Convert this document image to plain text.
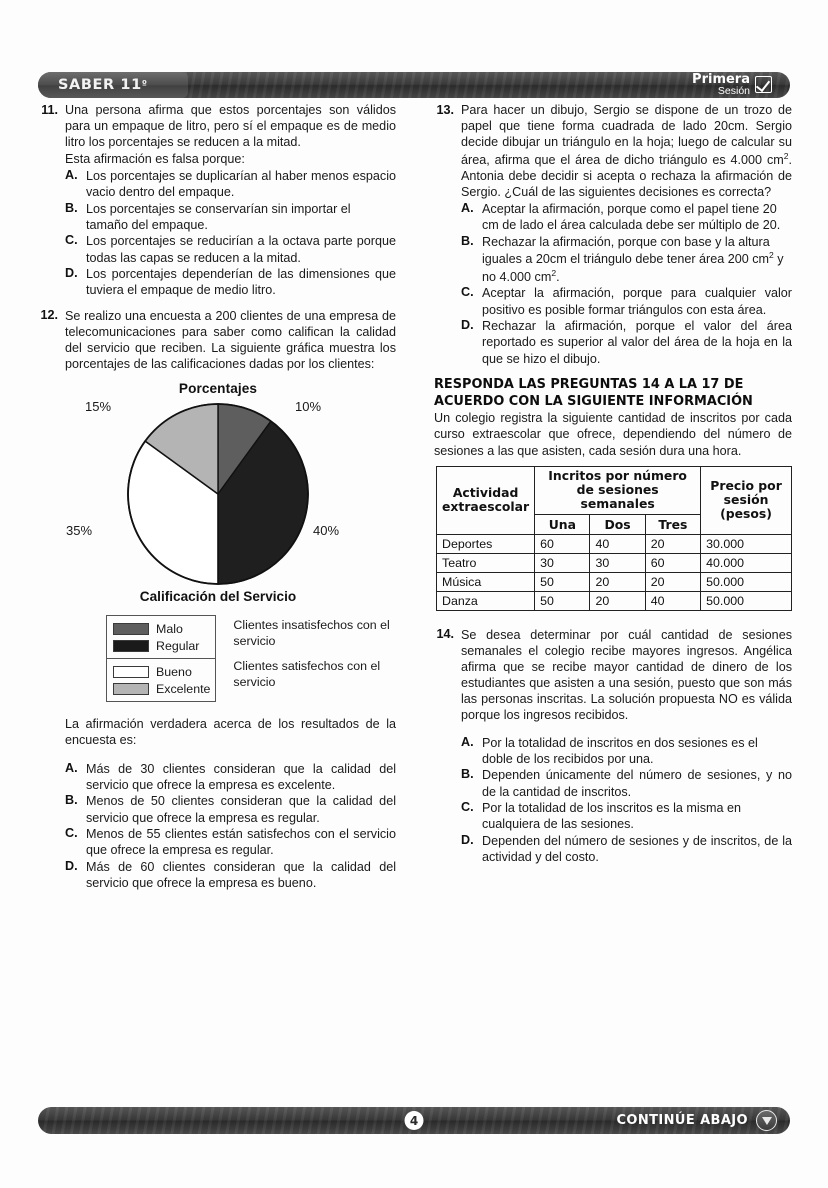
SABER 11 º	Primera
Sesión
11. Una persona afirma que estos porcentajes son válidos para un empaque de litro, pero sí el empaque es de medio litro los porcentajes se reducen a la mitad.
Esta afirmación es falsa porque:
A. Los porcentajes se duplicarían al haber menos espacio vacio dentro del empaque.
B. Los porcentajes se conservarían sin importar el tamaño del empaque.
C. Los porcentajes se reducirían a la octava parte porque todas las capas se reducen a la mitad.
D. Los porcentajes dependerían de las dimensiones que tuviera el empaque de medio litro.
12. Se realizo una encuesta a 200 clientes de una empresa de telecomunicaciones para saber como califican la calidad del servicio que reciben. La siguiente gráfica muestra los porcentajes de las calificaciones dadas por los clientes:
Porcentajes
10%
40%
35%
15%
Calificación del Servicio
Malo
Regular
Bueno
Excelente
Clientes insatisfechos con el servicio
Clientes satisfechos con el servicio
La afirmación verdadera acerca de los resultados de la encuesta es:
A. Más de 30 clientes consideran que la calidad del servicio que ofrece la empresa es excelente.
B. Menos de 50 clientes consideran que la calidad del servicio que ofrece la empresa es regular.
C. Menos de 55 clientes están satisfechos con el servicio que ofrece la empresa es regular.
D. Más de 60 clientes consideran que la calidad del servicio que ofrece la empresa es bueno.
13. Para hacer un dibujo, Sergio se dispone de un trozo de papel que tiene forma cuadrada de lado 20cm. Sergio decide dibujar un triángulo en la hoja; luego de calcular su área, afirma que el área de dicho triángulo es 4.000 $cm^2$. Antonia debe decidir si acepta o rechaza la afirmación de Sergio. ¿Cuál de las siguientes decisiones es correcta?
A. Aceptar la afirmación, porque como el papel tiene 20 cm de lado el área calculada debe ser múltiplo de 20.
B. Rechazar la afirmación, porque con base y la altura iguales a 20cm el triángulo debe tener área 200 $cm^2$ y no 4.000 $cm^2$.
C. Aceptar la afirmación, porque para cualquier valor positivo es posible formar triángulos con esta área.
D. Rechazar la afirmación, porque el valor del área reportado es superior al valor del área de la hoja en la que se hizo el dibujo.
RESPONDA LAS PREGUNTAS 14 A LA 17 DE
ACUERDO CON LA SIGUIENTE INFORMACIÓN
Un colegio registra la siguiente cantidad de inscritos por cada curso extraescolar que ofrece, dependiendo del número de sesiones a las que asisten, cada sesión dura una hora.
Actividad extraescolar	Incritos por número de sesiones semanales			Precio por sesión (pesos)
	Una	Dos	Tres	
Deportes	60	40	20	30.000
Teatro	30	30	60	40.000
Música	50	20	20	50.000
Danza	50	20	40	50.000
14. Se desea determinar por cuál cantidad de sesiones semanales el colegio recibe mayores ingresos. Angélica afirma que se recibe mayor cantidad de dinero de los estudiantes que asisten a una sesión, puesto que son más las personas inscritas. La solución propuesta NO es válida porque los ingresos recibidos.
A. Por la totalidad de inscritos en dos sesiones es el doble de los recibidos por una.
B. Dependen únicamente del número de sesiones, y no de la cantidad de inscritos.
C. Por la totalidad de los inscritos es la misma en cualquiera de las sesiones.
D. Dependen del número de sesiones y de inscritos, de la actividad y del costo.
4	CONTINÚE ABAJO
